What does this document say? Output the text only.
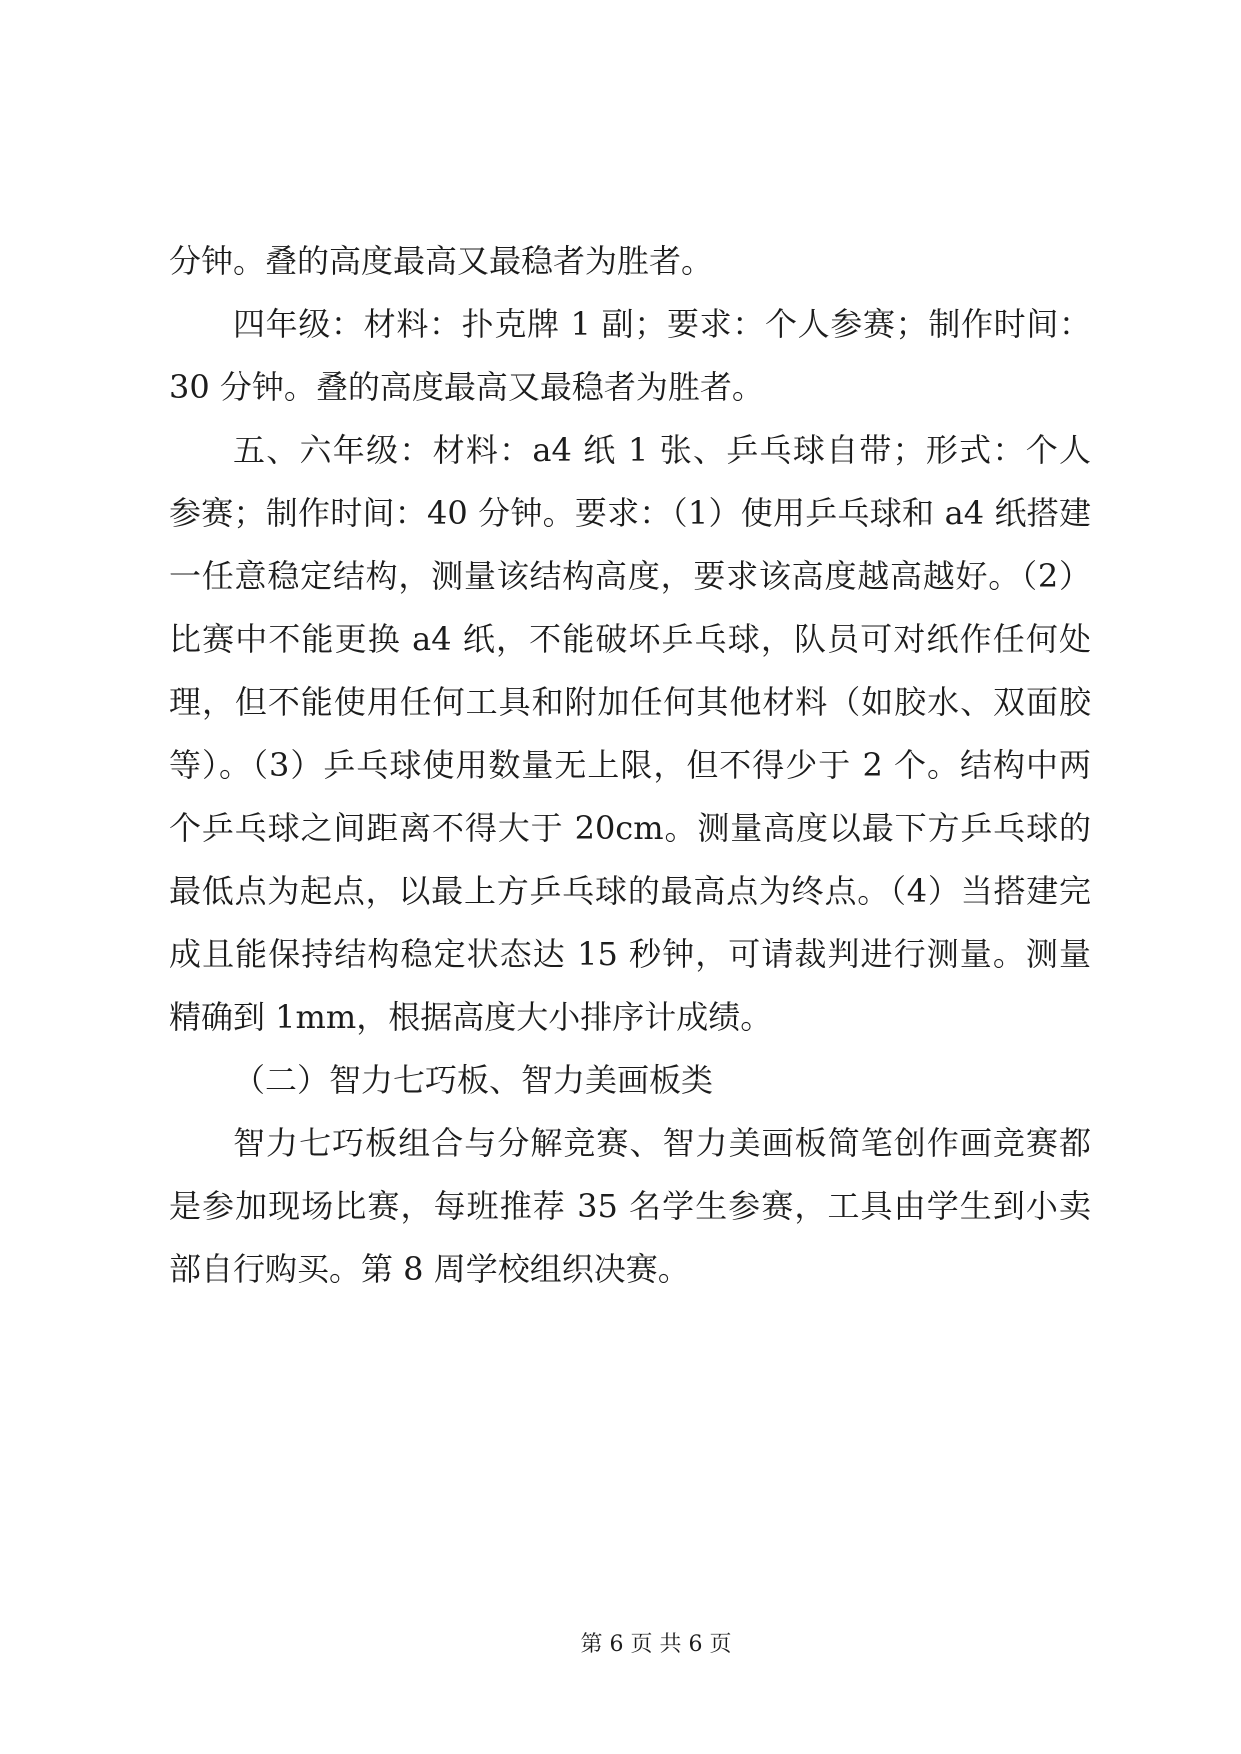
分钟。叠的高度最高又最稳者为胜者。
四年级：材料：扑克牌 1 副；要求：个人参赛；制作时间：
30 分钟。叠的高度最高又最稳者为胜者。
五、六年级：材料：a4 纸 1 张、乒乓球自带；形式：个人
参赛；制作时间：40 分钟。要求：（1）使用乒乓球和 a4 纸搭建
一任意稳定结构，测量该结构高度，要求该高度越高越好。（2）
比赛中不能更换 a4 纸，不能破坏乒乓球，队员可对纸作任何处
理，但不能使用任何工具和附加任何其他材料（如胶水、双面胶
等）。（3）乒乓球使用数量无上限，但不得少于 2 个。结构中两
个乒乓球之间距离不得大于 20cm。测量高度以最下方乒乓球的
最低点为起点，以最上方乒乓球的最高点为终点。（4）当搭建完
成且能保持结构稳定状态达 15 秒钟，可请裁判进行测量。测量
精确到 1mm，根据高度大小排序计成绩。
（二）智力七巧板、智力美画板类
智力七巧板组合与分解竞赛、智力美画板简笔创作画竞赛都
是参加现场比赛，每班推荐 35 名学生参赛，工具由学生到小卖
部自行购买。第 8 周学校组织决赛。
第 6 页 共 6 页
